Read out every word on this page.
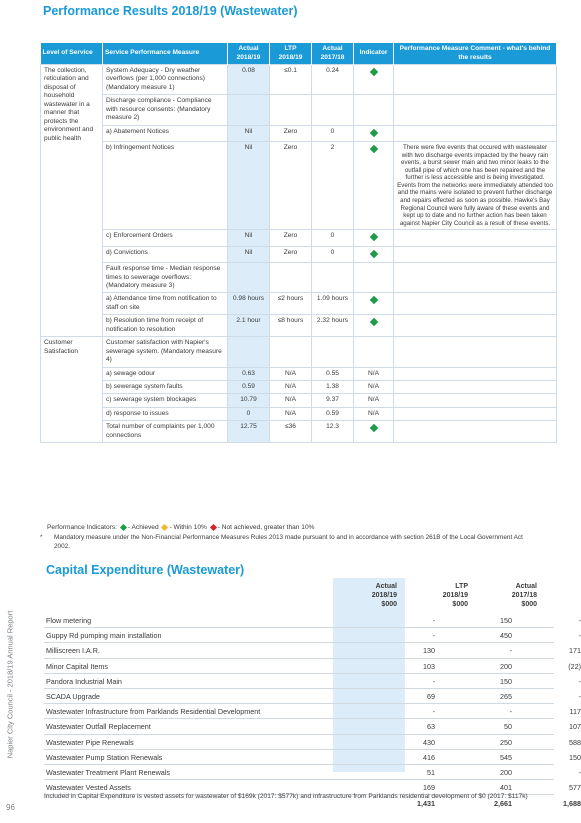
Napier City Council - 2018/19 Annual Report
96
Performance Results 2018/19 (Wastewater)
Level of Service	Service Performance Measure	Actual 2018/19	LTP 2018/19	Actual 2017/18	Indicator	Performance Measure Comment - what's behind the results
The collection, reticulation and disposal of household wastewater in a manner that protects the environment and public health	System Adequacy - Dry weather overflows (per 1,000 connections) (Mandatory measure 1)	0.08	≤0.1	0.24		
	Discharge compliance - Compliance with resource consents: (Mandatory measure 2)					
	a) Abatement Notices	Nil	Zero	0		
	b) Infringement Notices	Nil	Zero	2		There were five events that occured with wastewater with two discharge events impacted by the heavy rain events, a burst sewer main and two minor leaks to the outfall pipe of which one has been repaired and the further is less accessible and is being investigated. Events from the networks were immediately attended too and the mains were isolated to prevent further discharge and repairs effected as soon as possible. Hawke's Bay Regional Council were fully aware of these events and kept up to date and no further action has been taken against Napier City Council as a result of these events.
	c) Enforcement Orders	Nil	Zero	0		
	d) Convictions	Nil	Zero	0		
	Fault response time - Median response times to sewerage overflows: (Mandatory measure 3)					
	a) Attendance time from notification to staff on site	0.98 hours	≤2 hours	1.09 hours		
	b) Resolution time from receipt of notification to resolution	2.1 hour	≤8 hours	2.32 hours		
Customer Satisfaction	Customer satisfaction with Napier's sewerage system. (Mandatory measure 4)					
	a) sewage odour	0.63	N/A	0.55	N/A	
	b) sewerage system faults	0.59	N/A	1.38	N/A	
	c) sewerage system blockages	10.79	N/A	9.37	N/A	
	d) response to issues	0	N/A	0.59	N/A	
	Total number of complaints per 1,000 connections	12.75	≤36	12.3		
Performance Indicators: - Achieved - Within 10% - Not achieved, greater than 10%
*	Mandatory measure under the Non-Financial Performance Measures Rules 2013 made pursuant to and in accordance with section 261B of the Local Government Act 2002.
Capital Expenditure (Wastewater)
Actual
2018/19
$000
LTP
2018/19
$000
Actual
2017/18
$000
Flow metering	-	150	-
Guppy Rd pumping main installation	-	450	-
Milliscreen I.A.R.	130	-	171
Minor Capital Items	103	200	(22)
Pandora Industrial Main	-	150	-
SCADA Upgrade	69	265	-
Wastewater Infrastructure from Parklands Residential Development	-	-	117
Wastewater Outfall Replacement	63	50	107
Wastewater Pipe Renewals	430	250	588
Wastewater Pump Station Renewals	416	545	150
Wastewater Treatment Plant Renewals	51	200	-
Wastewater Vested Assets	169	401	577
1,431	2,661	1,688
Included in Capital Expenditure is vested assets for wastewater of $169k (2017: $577k) and infrastructure from Parklands residential development of $0 (2017: $117k)
